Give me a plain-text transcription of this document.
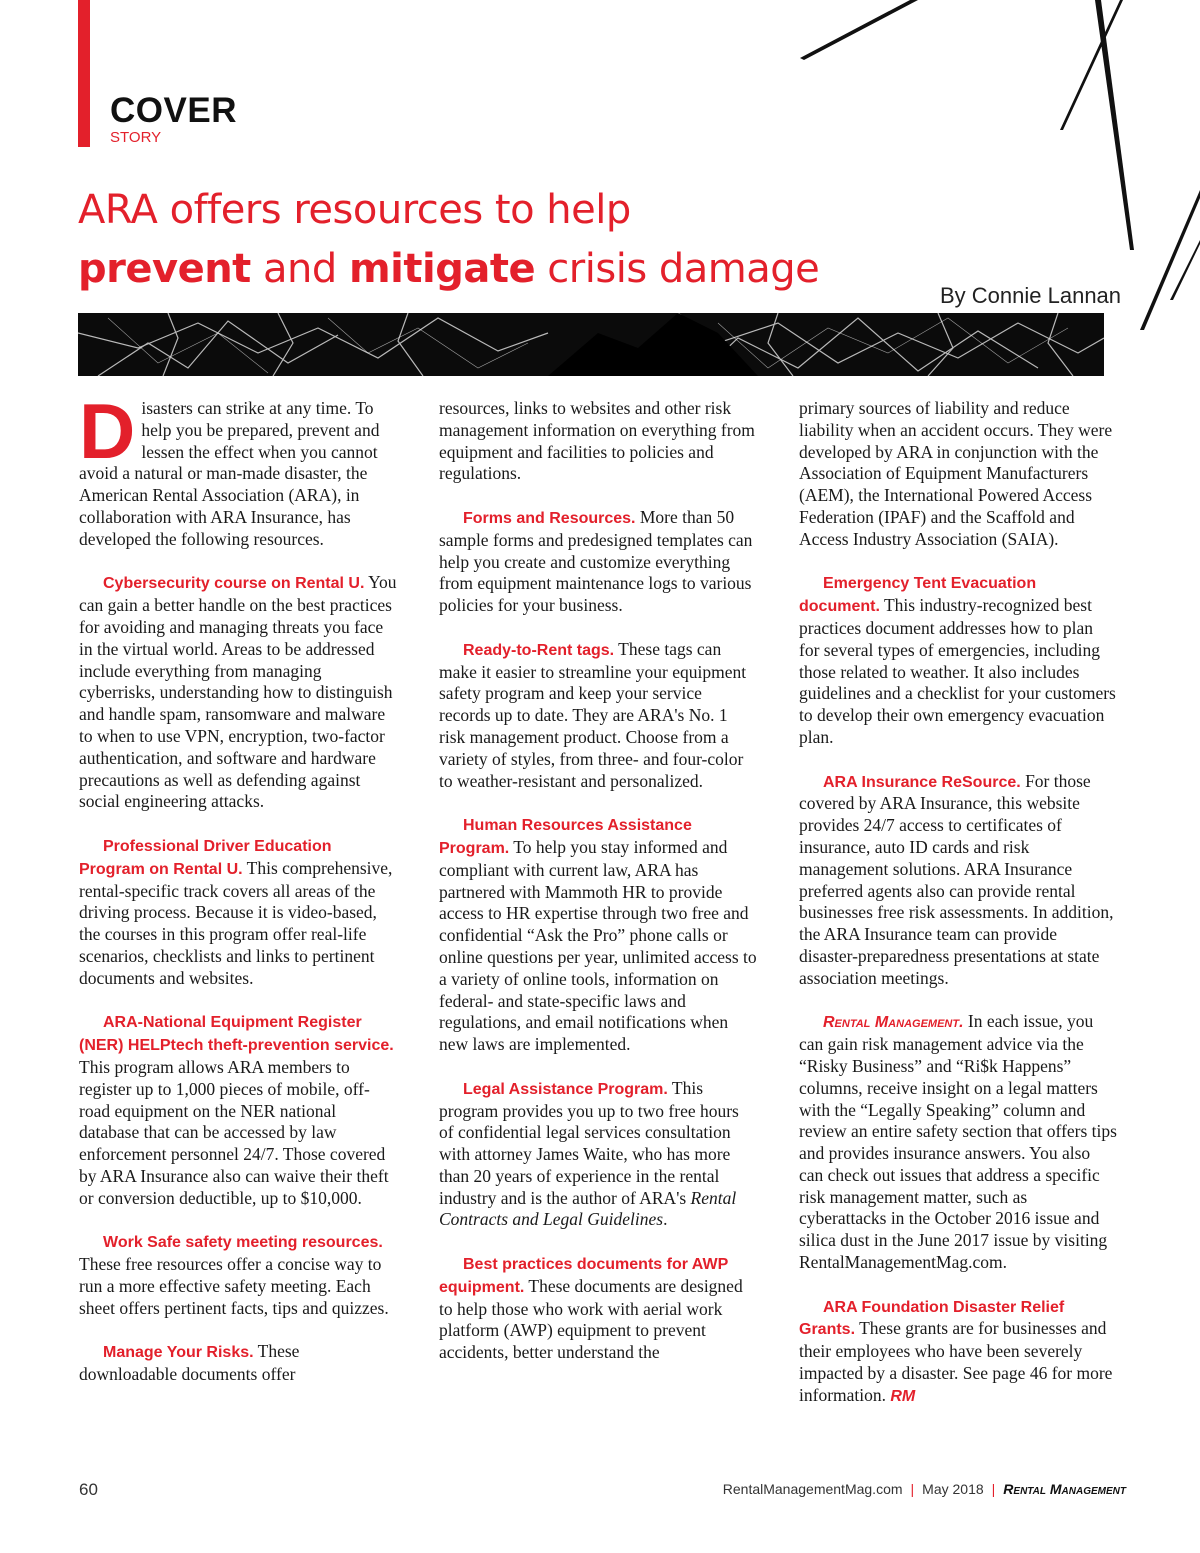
COVER
STORY
ARA offers resources to help
prevent and mitigate crisis damage
By Connie Lannan

Disasters can strike at any time. To help you be prepared, prevent and lessen the effect when you cannot avoid a natural or man-made disaster, the American Rental Association (ARA), in collaboration with ARA Insurance, has developed the following resources.

Cybersecurity course on Rental U. You can gain a better handle on the best practices for avoiding and managing threats you face in the virtual world. Areas to be addressed include everything from managing cyberrisks, understanding how to distinguish and handle spam, ransomware and malware to when to use VPN, encryption, two-factor authentication, and software and hardware precautions as well as defending against social engineering attacks.

Professional Driver Education Program on Rental U. This comprehensive, rental-specific track covers all areas of the driving process. Because it is video-based, the courses in this program offer real-life scenarios, checklists and links to pertinent documents and websites.

ARA-National Equipment Register (NER) HELPtech theft-prevention service. This program allows ARA members to register up to 1,000 pieces of mobile, off-road equipment on the NER national database that can be accessed by law enforcement personnel 24/7. Those covered by ARA Insurance also can waive their theft or conversion deductible, up to $10,000.

Work Safe safety meeting resources. These free resources offer a concise way to run a more effective safety meeting. Each sheet offers pertinent facts, tips and quizzes.

Manage Your Risks. These downloadable documents offer

resources, links to websites and other risk management information on everything from equipment and facilities to policies and regulations.

Forms and Resources. More than 50 sample forms and predesigned templates can help you create and customize everything from equipment maintenance logs to various policies for your business.

Ready-to-Rent tags. These tags can make it easier to streamline your equipment safety program and keep your service records up to date. They are ARA's No. 1 risk management product. Choose from a variety of styles, from three- and four-color to weather-resistant and personalized.

Human Resources Assistance Program. To help you stay informed and compliant with current law, ARA has partnered with Mammoth HR to provide access to HR expertise through two free and confidential “Ask the Pro” phone calls or online questions per year, unlimited access to a variety of online tools, information on federal- and state-specific laws and regulations, and email notifications when new laws are implemented.

Legal Assistance Program. This program provides you up to two free hours of confidential legal services consultation with attorney James Waite, who has more than 20 years of experience in the rental industry and is the author of ARA's Rental Contracts and Legal Guidelines.

Best practices documents for AWP equipment. These documents are designed to help those who work with aerial work platform (AWP) equipment to prevent accidents, better understand the

primary sources of liability and reduce liability when an accident occurs. They were developed by ARA in conjunction with the Association of Equipment Manufacturers (AEM), the International Powered Access Federation (IPAF) and the Scaffold and Access Industry Association (SAIA).

Emergency Tent Evacuation document. This industry-recognized best practices document addresses how to plan for several types of emergencies, including those related to weather. It also includes guidelines and a checklist for your customers to develop their own emergency evacuation plan.

ARA Insurance ReSource. For those covered by ARA Insurance, this website provides 24/7 access to certificates of insurance, auto ID cards and risk management solutions. ARA Insurance preferred agents also can provide rental businesses free risk assessments. In addition, the ARA Insurance team can provide disaster-preparedness presentations at state association meetings.

Rental Management. In each issue, you can gain risk management advice via the “Risky Business” and “Ri$k Happens” columns, receive insight on a legal matters with the “Legally Speaking” column and review an entire safety section that offers tips and provides insurance answers. You also can check out issues that address a specific risk management matter, such as cyberattacks in the October 2016 issue and silica dust in the June 2017 issue by visiting RentalManagementMag.com.

ARA Foundation Disaster Relief Grants. These grants are for businesses and their employees who have been severely impacted by a disaster. See page 46 for more information. RM

60	RentalManagementMag.com | May 2018 | Rental Management
